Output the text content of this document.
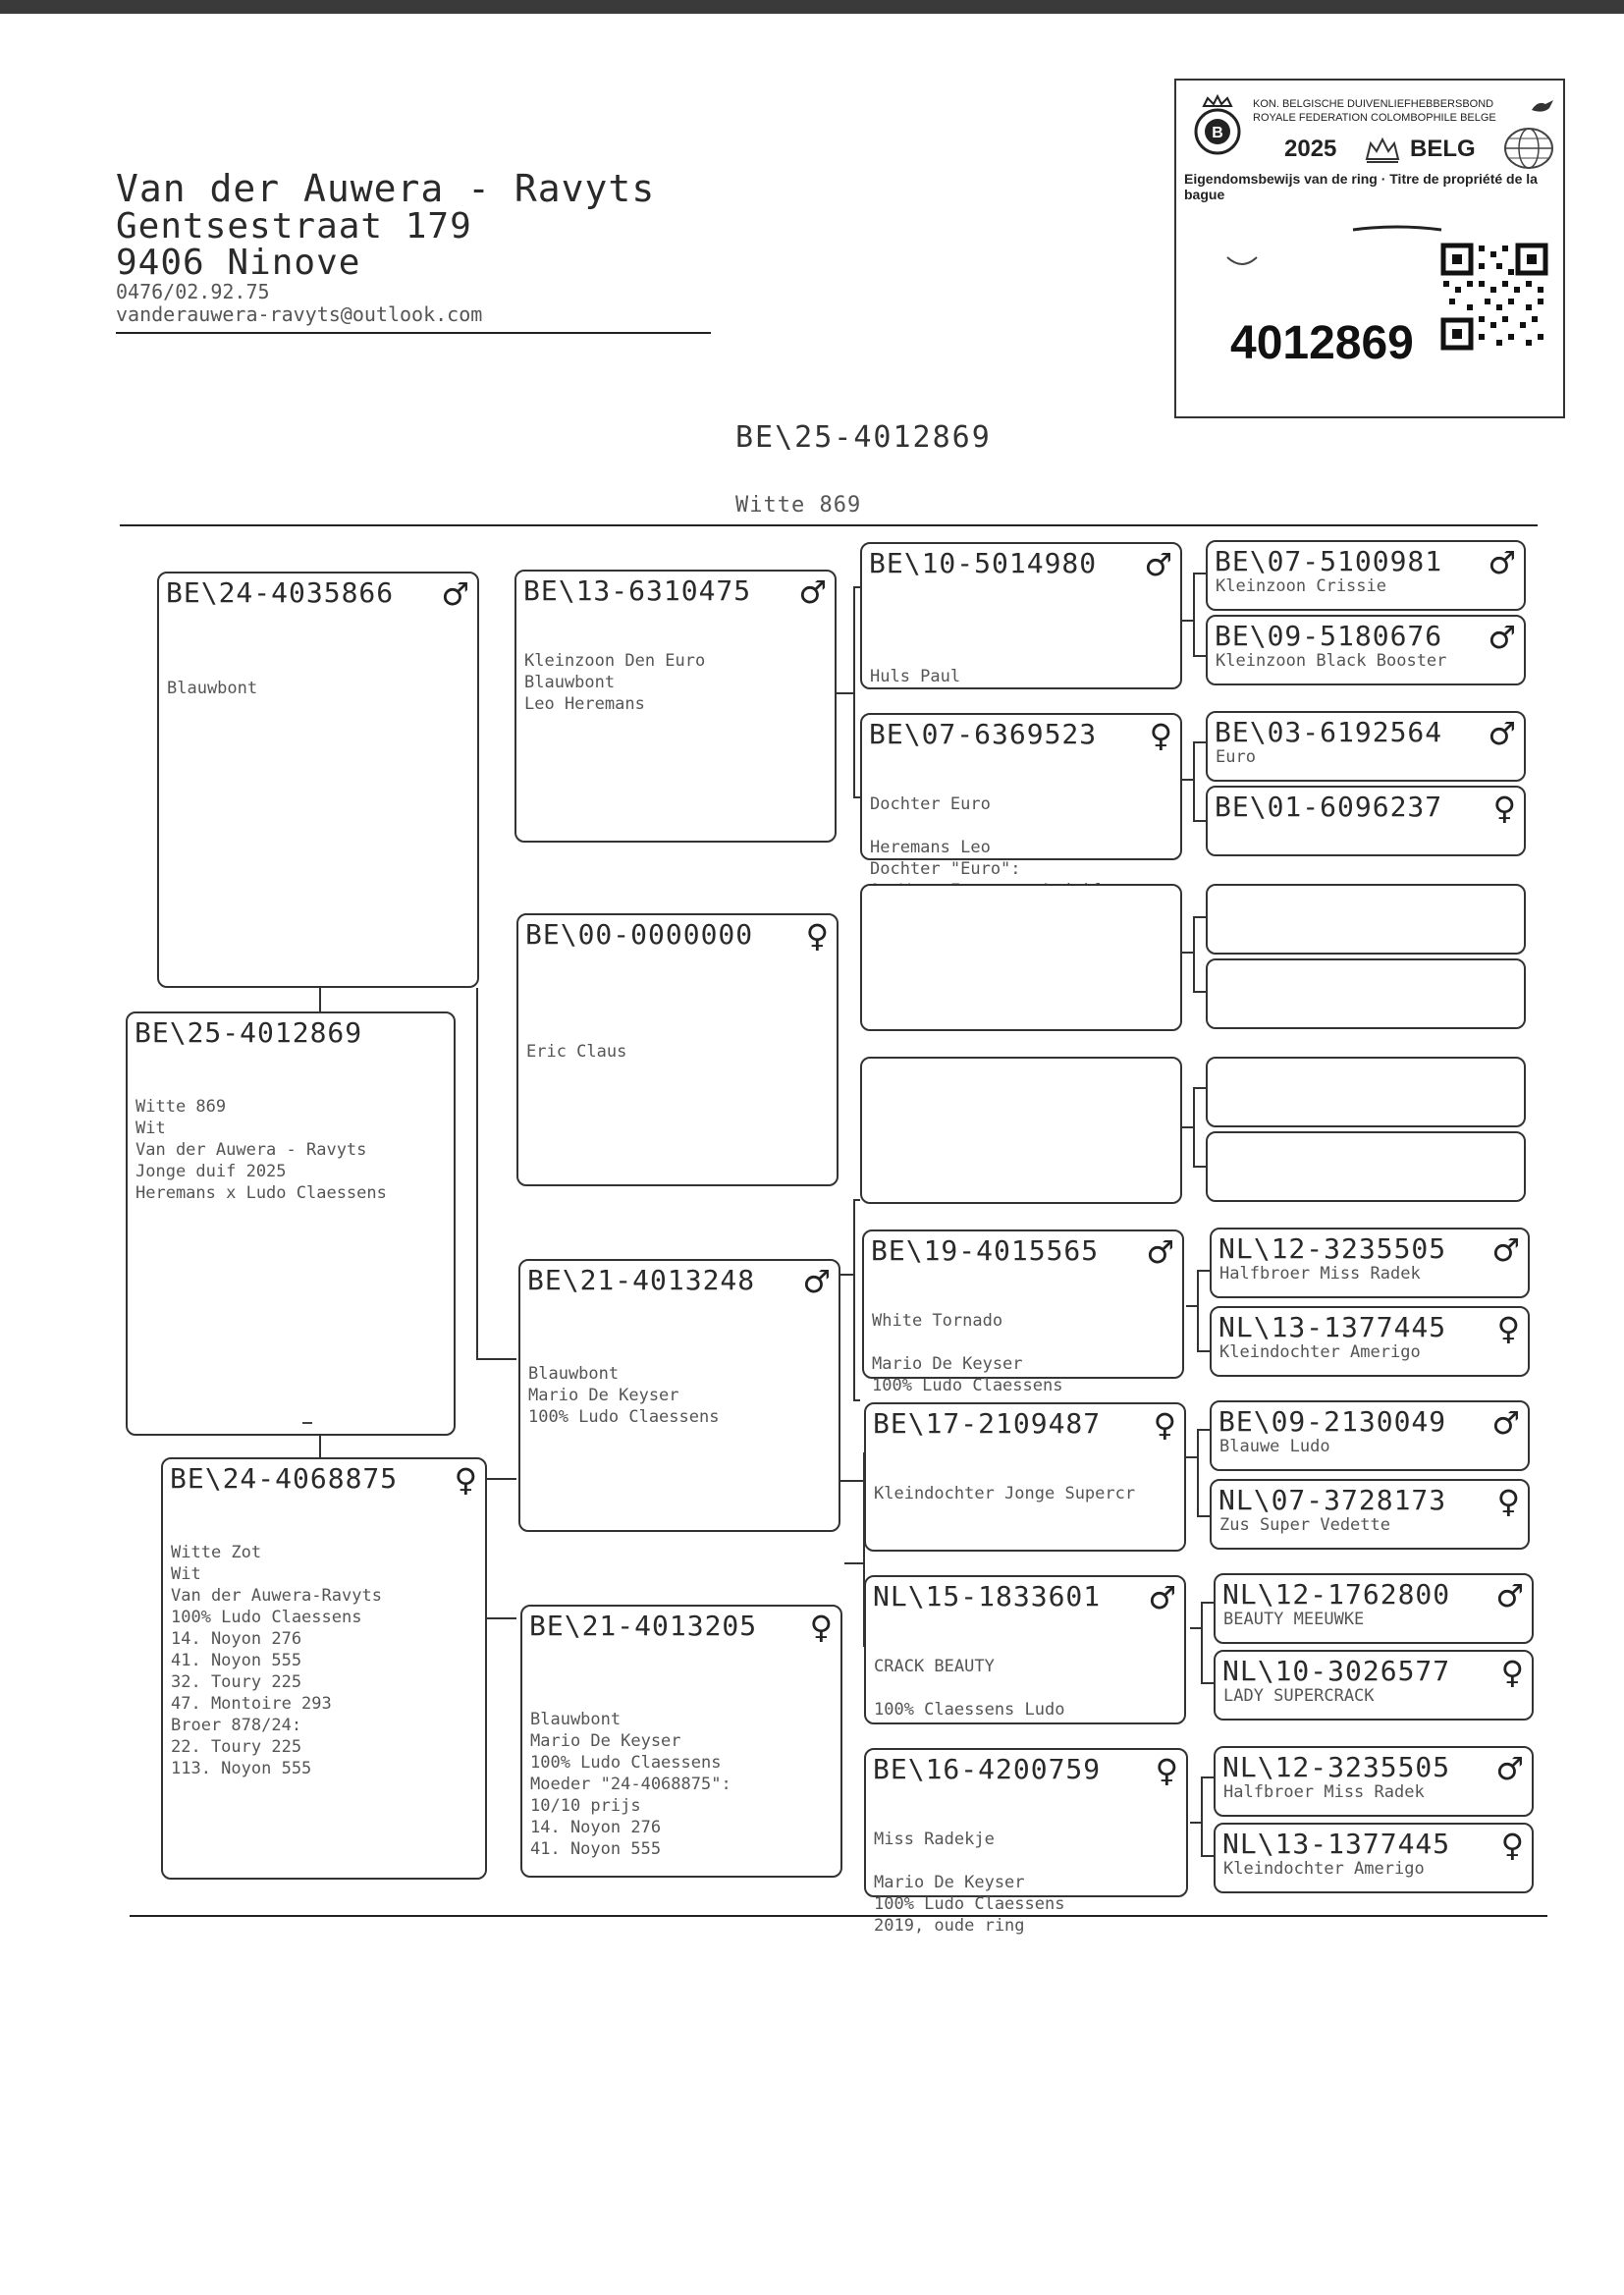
Van der Auwera - Ravyts
Gentsestraat 179
9406 Ninove
0476/02.92.75
vanderauwera-ravyts@outlook.com
B
KON. BELGISCHE DUIVENLIEFHEBBERSBOND
ROYALE FEDERATION COLOMBOPHILE BELGE
2025	BELG
Eigendomsbewijs van de ring · Titre de propriété de la bague
4012869
BE\25-4012869
Witte 869
BE\25-4012869

Witte 869
Wit
Van der Auwera - Ravyts
Jonge duif 2025
Heremans x Ludo Claessens

BE\24-4035866 ♂

Blauwbont

BE\24-4068875 ♀

Witte Zot
Wit
Van der Auwera-Ravyts
100% Ludo Claessens
14. Noyon 276
41. Noyon 555
32. Toury 225
47. Montoire 293
Broer 878/24:
22. Toury 225
113. Noyon 555

BE\13-6310475 ♂

Kleinzoon Den Euro
Blauwbont
Leo Heremans

BE\00-0000000 ♀

Eric Claus

BE\21-4013248 ♂

Blauwbont
Mario De Keyser
100% Ludo Claessens

BE\21-4013205 ♀

Blauwbont
Mario De Keyser
100% Ludo Claessens
Moeder "24-4068875":
10/10 prijs
14. Noyon 276
41. Noyon 555

BE\10-5014980 ♂

Huls Paul

BE\07-6369523 ♀

Dochter Euro

Heremans Leo
Dochter "Euro":

BE\19-4015565 ♂

White Tornado

Mario De Keyser
100% Ludo Claessens

BE\17-2109487 ♀

Kleindochter Jonge Supercr

NL\15-1833601 ♂

CRACK BEAUTY

100% Claessens Ludo

BE\16-4200759 ♀

Miss Radekje

Mario De Keyser
100% Ludo Claessens
2019, oude ring

BE\07-5100981 ♂
Kleinzoon Crissie
BE\09-5180676 ♂
Kleinzoon Black Booster
BE\03-6192564 ♂
Euro
BE\01-6096237 ♀
NL\12-3235505 ♂
Halfbroer Miss Radek
NL\13-1377445 ♀
Kleindochter Amerigo
BE\09-2130049 ♂
Blauwe Ludo
NL\07-3728173 ♀
Zus Super Vedette
NL\12-1762800 ♂
BEAUTY MEEUWKE
NL\10-3026577 ♀
LADY SUPERCRACK
NL\12-3235505 ♂
Halfbroer Miss Radek
NL\13-1377445 ♀
Kleindochter Amerigo
